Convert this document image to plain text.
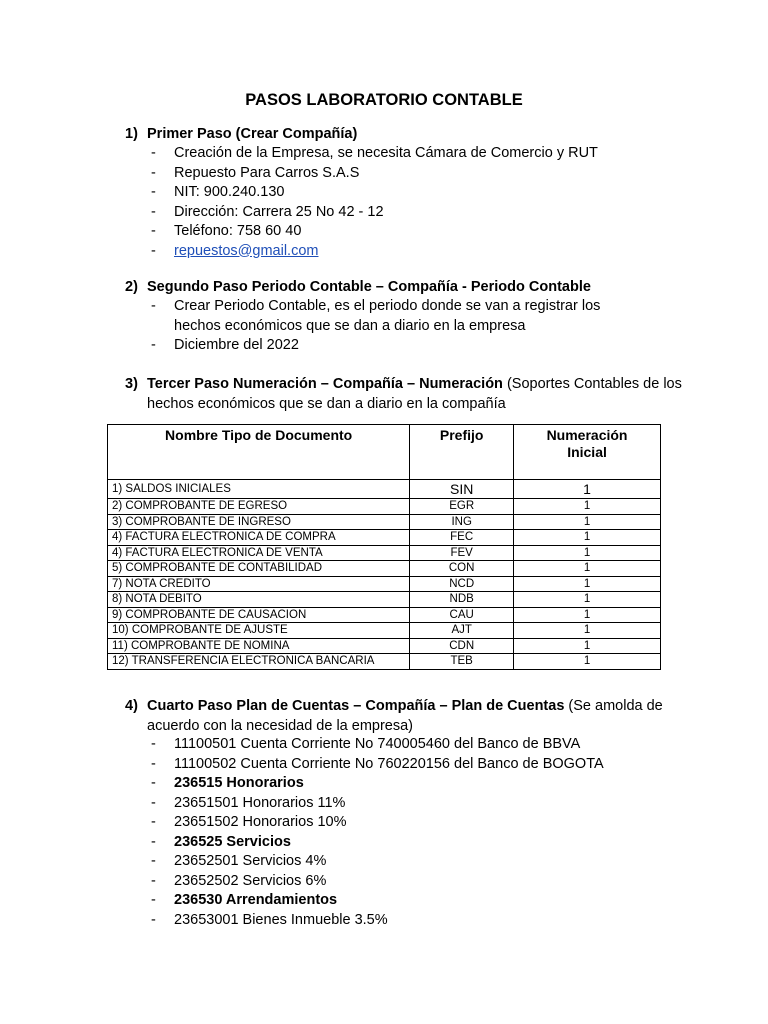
PASOS LABORATORIO CONTABLE
1) Primer Paso (Crear Compañía)
- Creación de la Empresa, se necesita Cámara de Comercio y RUT
- Repuesto Para Carros S.A.S
- NIT: 900.240.130
- Dirección: Carrera 25 No 42 - 12
- Teléfono: 758 60 40
- repuestos@gmail.com
2) Segundo Paso Periodo Contable – Compañía - Periodo Contable
- Crear Periodo Contable, es el periodo donde se van a registrar los hechos económicos que se dan a diario en la empresa
- Diciembre del 2022
3) Tercer Paso Numeración – Compañía – Numeración (Soportes Contables de los hechos económicos que se dan a diario en la compañía
Nombre Tipo de Documento	Prefijo	Numeración Inicial
1) SALDOS INICIALES	SIN	1
2) COMPROBANTE DE EGRESO	EGR	1
3) COMPROBANTE DE INGRESO	ING	1
4) FACTURA ELECTRONICA DE COMPRA	FEC	1
4) FACTURA ELECTRONICA DE VENTA	FEV	1
5) COMPROBANTE DE CONTABILIDAD	CON	1
7) NOTA CREDITO	NCD	1
8) NOTA DEBITO	NDB	1
9) COMPROBANTE DE CAUSACION	CAU	1
10) COMPROBANTE DE AJUSTE	AJT	1
11) COMPROBANTE DE NOMINA	CDN	1
12) TRANSFERENCIA ELECTRONICA BANCARIA	TEB	1
4) Cuarto Paso Plan de Cuentas – Compañía – Plan de Cuentas (Se amolda de acuerdo con la necesidad de la empresa)
- 11100501 Cuenta Corriente No 740005460 del Banco de BBVA
- 11100502 Cuenta Corriente No 760220156 del Banco de BOGOTA
- 236515 Honorarios
- 23651501 Honorarios 11%
- 23651502 Honorarios 10%
- 236525 Servicios
- 23652501 Servicios 4%
- 23652502 Servicios 6%
- 236530 Arrendamientos
- 23653001 Bienes Inmueble 3.5%
